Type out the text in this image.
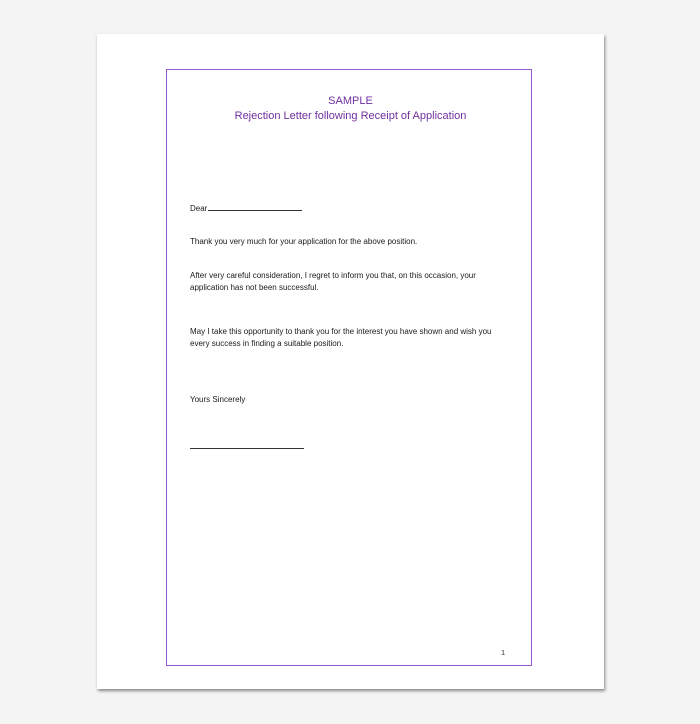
SAMPLE
Rejection Letter following Receipt of Application
Dear
Thank you very much for your application for the above position.
After very careful consideration, I regret to inform you that, on this occasion, your application has not been successful.
May I take this opportunity to thank you for the interest you have shown and wish you every success in finding a suitable position.
Yours Sincerely
1
